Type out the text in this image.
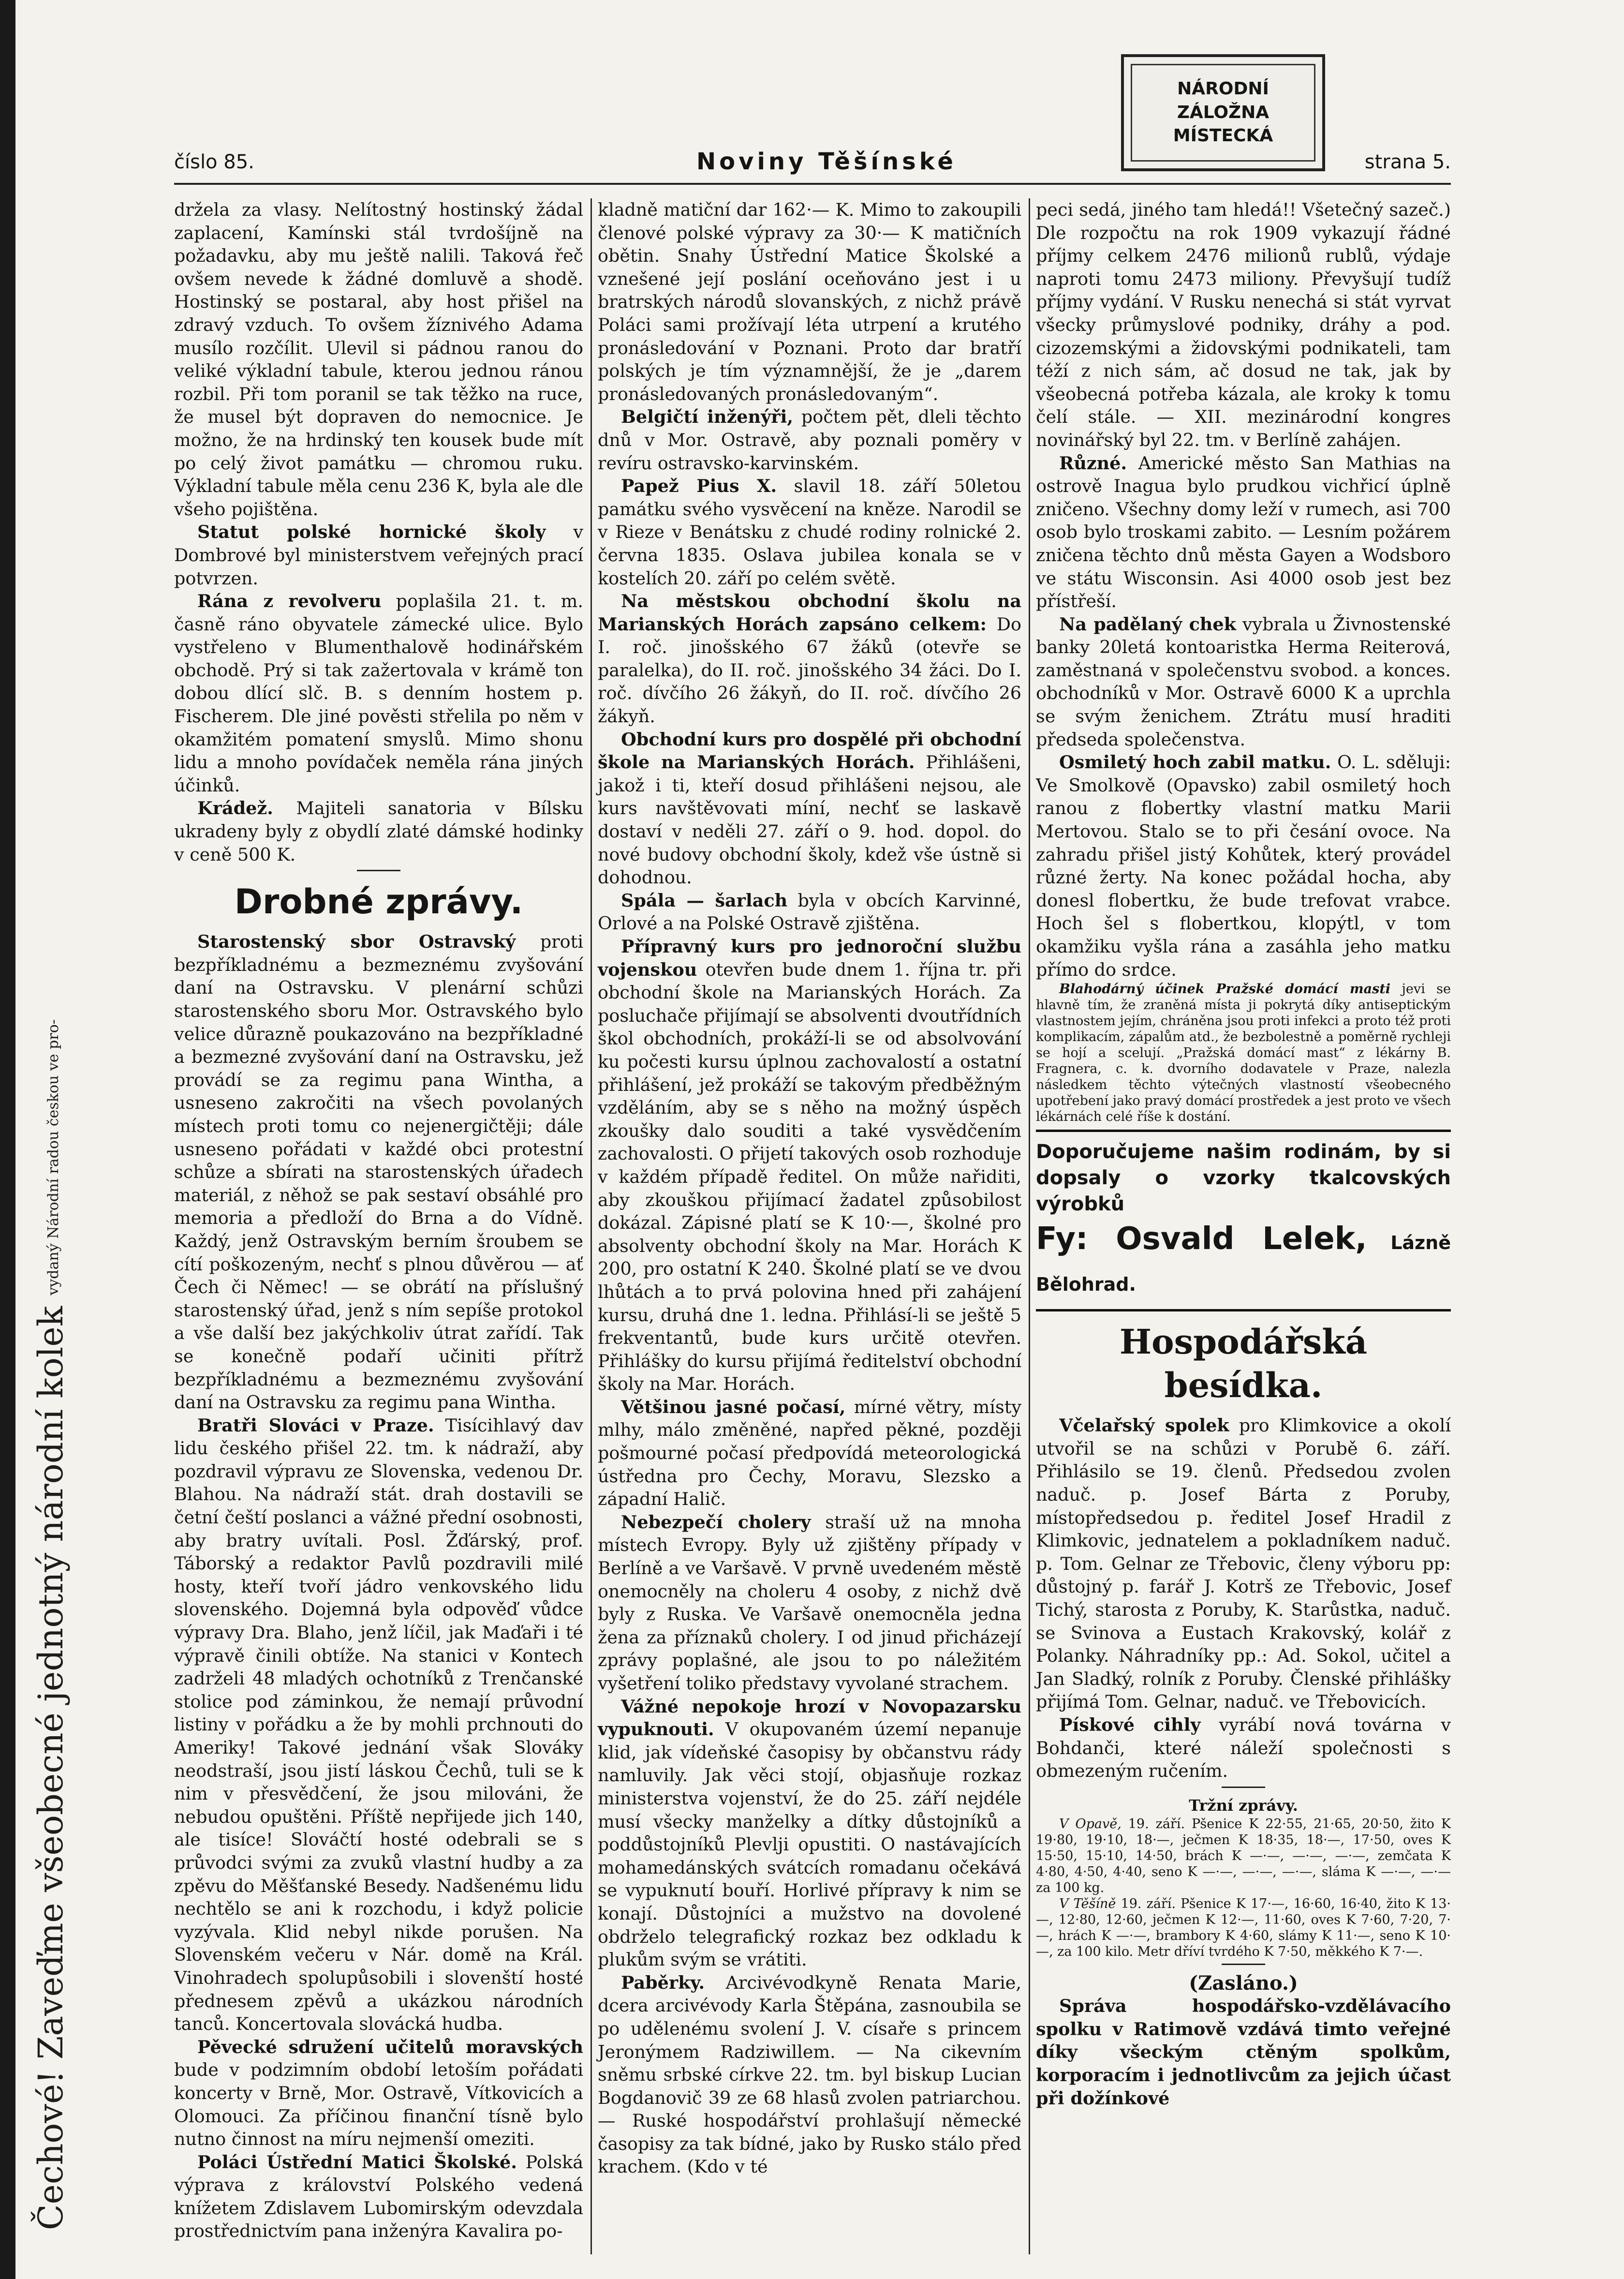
Čechové! Zaveďme všeobecné jednotný národní kolek vydaný Národní radou českou ve pro-
NÁRODNÍ ZÁLOŽNA
MÍSTECKÁ
číslo 85.	Noviny Těšínské	strana 5.

držela za vlasy. Nelítostný hostinský žádal zaplacení, Kamínski stál tvrdošíjně na požadavku, aby mu ještě nalili. Taková řeč ovšem nevede k žádné domluvě a shodě. Hostinský se postaral, aby host přišel na zdravý vzduch. To ovšem žíznivého Adama musílo rozčílit. Ulevil si pádnou ranou do veliké výkladní tabule, kterou jednou ránou rozbil. Při tom poranil se tak těžko na ruce, že musel být dopraven do nemocnice. Je možno, že na hrdinský ten kousek bude mít po celý život památku — chromou ruku. Výkladní tabule měla cenu 236 K, byla ale dle všeho pojištěna.

Statut polské hornické školy v Dombrové byl ministerstvem veřejných prací potvrzen.

Rána z revolveru poplašila 21. t. m. časně ráno obyvatele zámecké ulice. Bylo vystřeleno v Blumenthalově hodinářském obchodě. Prý si tak zažertovala v krámě ton dobou dlící slč. B. s denním hostem p. Fischerem. Dle jiné pověsti střelila po něm v okamžitém pomatení smyslů. Mimo shonu lidu a mnoho povídaček neměla rána jiných účinků.

Krádež. Majiteli sanatoria v Bílsku ukradeny byly z obydlí zlaté dámské hodinky v ceně 500 K.

Drobné zprávy.

Starostenský sbor Ostravský proti bezpříkladnému a bezmeznému zvyšování daní na Ostravsku. V plenární schůzi starostenského sboru Mor. Ostravského bylo velice důrazně poukazováno na bezpříkladné a bezmezné zvyšování daní na Ostravsku, jež provádí se za regimu pana Wintha, a usneseno zakročiti na všech povolaných místech proti tomu co nejenergičtěji; dále usneseno pořádati v každé obci protestní schůze a sbírati na starostenských úřadech materiál, z něhož se pak sestaví obsáhlé pro memoria a předloží do Brna a do Vídně. Každý, jenž Ostravským berním šroubem se cítí poškozeným, nechť s plnou důvěrou — ať Čech či Němec! — se obrátí na příslušný starostenský úřad, jenž s ním sepíše protokol a vše další bez jakýchkoliv útrat zařídí. Tak se konečně podaří učiniti přítrž bezpříkladnému a bezmeznému zvyšování daní na Ostravsku za regimu pana Wintha.

Bratři Slováci v Praze. Tisícihlavý dav lidu českého přišel 22. tm. k nádraží, aby pozdravil výpravu ze Slovenska, vedenou Dr. Blahou. Na nádraží stát. drah dostavili se četní čeští poslanci a vážné přední osobnosti, aby bratry uvítali. Posl. Žďárský, prof. Táborský a redaktor Pavlů pozdravili milé hosty, kteří tvoří jádro venkovského lidu slovenského. Dojemná byla odpověď vůdce výpravy Dra. Blaho, jenž líčil, jak Maďaři i té výpravě činili obtíže. Na stanici v Kontech zadrželi 48 mladých ochotníků z Trenčanské stolice pod záminkou, že nemají průvodní listiny v pořádku a že by mohli prchnouti do Ameriky! Takové jednání však Slováky neodstraší, jsou jistí láskou Čechů, tuli se k nim v přesvědčení, že jsou milováni, že nebudou opuštěni. Příště nepřijede jich 140, ale tisíce! Slováčtí hosté odebrali se s průvodci svými za zvuků vlastní hudby a za zpěvu do Měšťanské Besedy. Nadšenému lidu nechtělo se ani k rozchodu, i když policie vyzývala. Klid nebyl nikde porušen. Na Slovenském večeru v Nár. domě na Král. Vinohradech spolupůsobili i slovenští hosté přednesem zpěvů a ukázkou národních tanců. Koncertovala slovácká hudba.

Pěvecké sdružení učitelů moravských bude v podzimním období letoším pořádati koncerty v Brně, Mor. Ostravě, Vítkovicích a Olomouci. Za příčinou finanční tísně bylo nutno činnost na míru nejmenší omeziti.

Poláci Ústřední Matici Školské. Polská výprava z království Polského vedená knížetem Zdislavem Lubomirským odevzdala prostřednictvím pana inženýra Kavalira po-

kladně matiční dar 162·— K. Mimo to zakoupili členové polské výpravy za 30·— K matičních obětin. Snahy Ústřední Matice Školské a vznešené její poslání oceňováno jest i u bratrských národů slovanských, z nichž právě Poláci sami prožívají léta utrpení a krutého pronásledování v Poznani. Proto dar bratří polských je tím významnější, že je „darem pronásledovaných pronásledovaným“.

Belgičtí inženýři, počtem pět, dleli těchto dnů v Mor. Ostravě, aby poznali poměry v revíru ostravsko-karvinském.

Papež Pius X. slavil 18. září 50letou památku svého vysvěcení na kněze. Narodil se v Rieze v Benátsku z chudé rodiny rolnické 2. června 1835. Oslava jubilea konala se v kostelích 20. září po celém světě.

Na městskou obchodní školu na Marianských Horách zapsáno celkem: Do I. roč. jinošského 67 žáků (otevře se paralelka), do II. roč. jinošského 34 žáci. Do I. roč. dívčího 26 žákyň, do II. roč. dívčího 26 žákyň.

Obchodní kurs pro dospělé při obchodní škole na Marianských Horách. Přihlášeni, jakož i ti, kteří dosud přihlášeni nejsou, ale kurs navštěvovati míní, nechť se laskavě dostaví v neděli 27. září o 9. hod. dopol. do nové budovy obchodní školy, kdež vše ústně si dohodnou.

Spála — šarlach byla v obcích Karvinné, Orlové a na Polské Ostravě zjištěna.

Přípravný kurs pro jednoroční službu vojenskou otevřen bude dnem 1. října tr. při obchodní škole na Marianských Horách. Za posluchače přijímají se absolventi dvoutřídních škol obchodních, prokáží-li se od absolvování ku počesti kursu úplnou zachovalostí a ostatní přihlášení, jež prokáží se takovým předběžným vzděláním, aby se s něho na možný úspěch zkoušky dalo souditi a také vysvědčením zachovalosti. O přijetí takových osob rozhoduje v každém případě ředitel. On může nařiditi, aby zkouškou přijímací žadatel způsobilost dokázal. Zápisné platí se K 10·—, školné pro absolventy obchodní školy na Mar. Horách K 200, pro ostatní K 240. Školné platí se ve dvou lhůtách a to prvá polovina hned při zahájení kursu, druhá dne 1. ledna. Přihlásí-li se ještě 5 frekventantů, bude kurs určitě otevřen. Přihlášky do kursu přijímá ředitelství obchodní školy na Mar. Horách.

Většinou jasné počasí, mírné větry, místy mlhy, málo změněné, napřed pěkné, později pošmourné počasí předpovídá meteorologická ústředna pro Čechy, Moravu, Slezsko a západní Halič.

Nebezpečí cholery straší už na mnoha místech Evropy. Byly už zjištěny případy v Berlíně a ve Varšavě. V prvně uvedeném městě onemocněly na choleru 4 osoby, z nichž dvě byly z Ruska. Ve Varšavě onemocněla jedna žena za příznaků cholery. I od jinud přicházejí zprávy poplašné, ale jsou to po náležitém vyšetření toliko představy vyvolané strachem.

Vážné nepokoje hrozí v Novopazarsku vypuknouti. V okupovaném území nepanuje klid, jak vídeňské časopisy by občanstvu rády namluvily. Jak věci stojí, objasňuje rozkaz ministerstva vojenství, že do 25. září nejdéle musí všecky manželky a dítky důstojníků a poddůstojníků Plevlji opustiti. O nastávajících mohamedánských svátcích romadanu očekává se vypuknutí bouří. Horlivé přípravy k nim se konají. Důstojníci a mužstvo na dovolené obdrželo telegrafický rozkaz bez odkladu k plukům svým se vrátiti.

Paběrky. Arcivévodkyně Renata Marie, dcera arcivévody Karla Štěpána, zasnoubila se po udělenému svolení J. V. císaře s princem Jeronýmem Radziwillem. — Na cikevním sněmu srbské církve 22. tm. byl biskup Lucian Bogdanovič 39 ze 68 hlasů zvolen patriarchou. — Ruské hospodářství prohlašují německé časopisy za tak bídné, jako by Rusko stálo před krachem. (Kdo v té

peci sedá, jiného tam hledá!! Všetečný sazeč.) Dle rozpočtu na rok 1909 vykazují řádné příjmy celkem 2476 milionů rublů, výdaje naproti tomu 2473 miliony. Převyšují tudíž příjmy vydání. V Rusku nenechá si stát vyrvat všecky průmyslové podniky, dráhy a pod. cizozemskými a židovskými podnikateli, tam téží z nich sám, ač dosud ne tak, jak by všeobecná potřeba kázala, ale kroky k tomu čelí stále. — XII. mezinárodní kongres novinářský byl 22. tm. v Berlíně zahájen.

Různé. Americké město San Mathias na ostrově Inagua bylo prudkou vichřicí úplně zničeno. Všechny domy leží v rumech, asi 700 osob bylo troskami zabito. — Lesním požárem zničena těchto dnů města Gayen a Wodsboro ve státu Wisconsin. Asi 4000 osob jest bez přístřeší.

Na padělaný chek vybrala u Živnostenské banky 20letá kontoaristka Herma Reiterová, zaměstnaná v společenstvu svobod. a konces. obchodníků v Mor. Ostravě 6000 K a uprchla se svým ženichem. Ztrátu musí hraditi předseda společenstva.

Osmiletý hoch zabil matku. O. L. sděluji: Ve Smolkově (Opavsko) zabil osmiletý hoch ranou z flobertky vlastní matku Marii Mertovou. Stalo se to při česání ovoce. Na zahradu přišel jistý Kohůtek, který provádel různé žerty. Na konec požádal hocha, aby donesl flobertku, že bude trefovat vrabce. Hoch šel s flobertkou, klopýtl, v tom okamžiku vyšla rána a zasáhla jeho matku přímo do srdce.

Blahodárný účinek Pražské domácí masti jevi se hlavně tím, že zraněná místa ji pokrytá díky antiseptickým vlastnostem jejím, chráněna jsou proti infekci a proto též proti komplikacím, zápalům atd., že bezbolestně a poměrně rychleji se hojí a scelují. „Pražská domácí mast“ z lékárny B. Fragnera, c. k. dvorního dodavatele v Praze, nalezla následkem těchto výtečných vlastností všeobecného upotřebení jako pravý domácí prostředek a jest proto ve všech lékárnách celé říše k dostání.

Doporučujeme našim rodinám, by si dopsaly o vzorky tkalcovských výrobků
Fy: Osvald Lelek, Lázně Bělohrad.
Hospodářská besídka.

Včelařský spolek pro Klimkovice a okolí utvořil se na schůzi v Porubě 6. září. Přihlásilo se 19. členů. Předsedou zvolen naduč. p. Josef Bárta z Poruby, místopředsedou p. ředitel Josef Hradil z Klimkovic, jednatelem a pokladníkem naduč. p. Tom. Gelnar ze Třebovic, členy výboru pp: důstojný p. farář J. Kotrš ze Třebovic, Josef Tichý, starosta z Poruby, K. Starůstka, naduč. se Svinova a Eustach Krakovský, kolář z Polanky. Náhradníky pp.: Ad. Sokol, učitel a Jan Sladký, rolník z Poruby. Členské přihlášky přijímá Tom. Gelnar, naduč. ve Třebovicích.

Pískové cihly vyrábí nová továrna v Bohdanči, které náleží společnosti s obmezeným ručením.

Tržní zprávy.

V Opavě, 19. září. Pšenice K 22·55, 21·65, 20·50, žito K 19·80, 19·10, 18·—, ječmen K 18·35, 18·—, 17·50, oves K 15·50, 15·10, 14·50, brách K —·—, —·—, —·—, zemčata K 4·80, 4·50, 4·40, seno K —·—, —·—, —·—, sláma K —·—, —·— za 100 kg.

V Těšíně 19. září. Pšenice K 17·—, 16·60, 16·40, žito K 13·—, 12·80, 12·60, ječmen K 12·—, 11·60, oves K 7·60, 7·20, 7·—, hrách K —·—, brambory K 4·60, slámy K 11·—, seno K 10·—, za 100 kilo. Metr dříví tvrdého K 7·50, měkkého K 7·—.

(Zasláno.)

Správa hospodářsko-vzdělávacího spolku v Ratimově vzdává timto veřejné díky všeckým ctěným spolkům, korporacím i jednotlivcům za jejich účast při dožínkové
